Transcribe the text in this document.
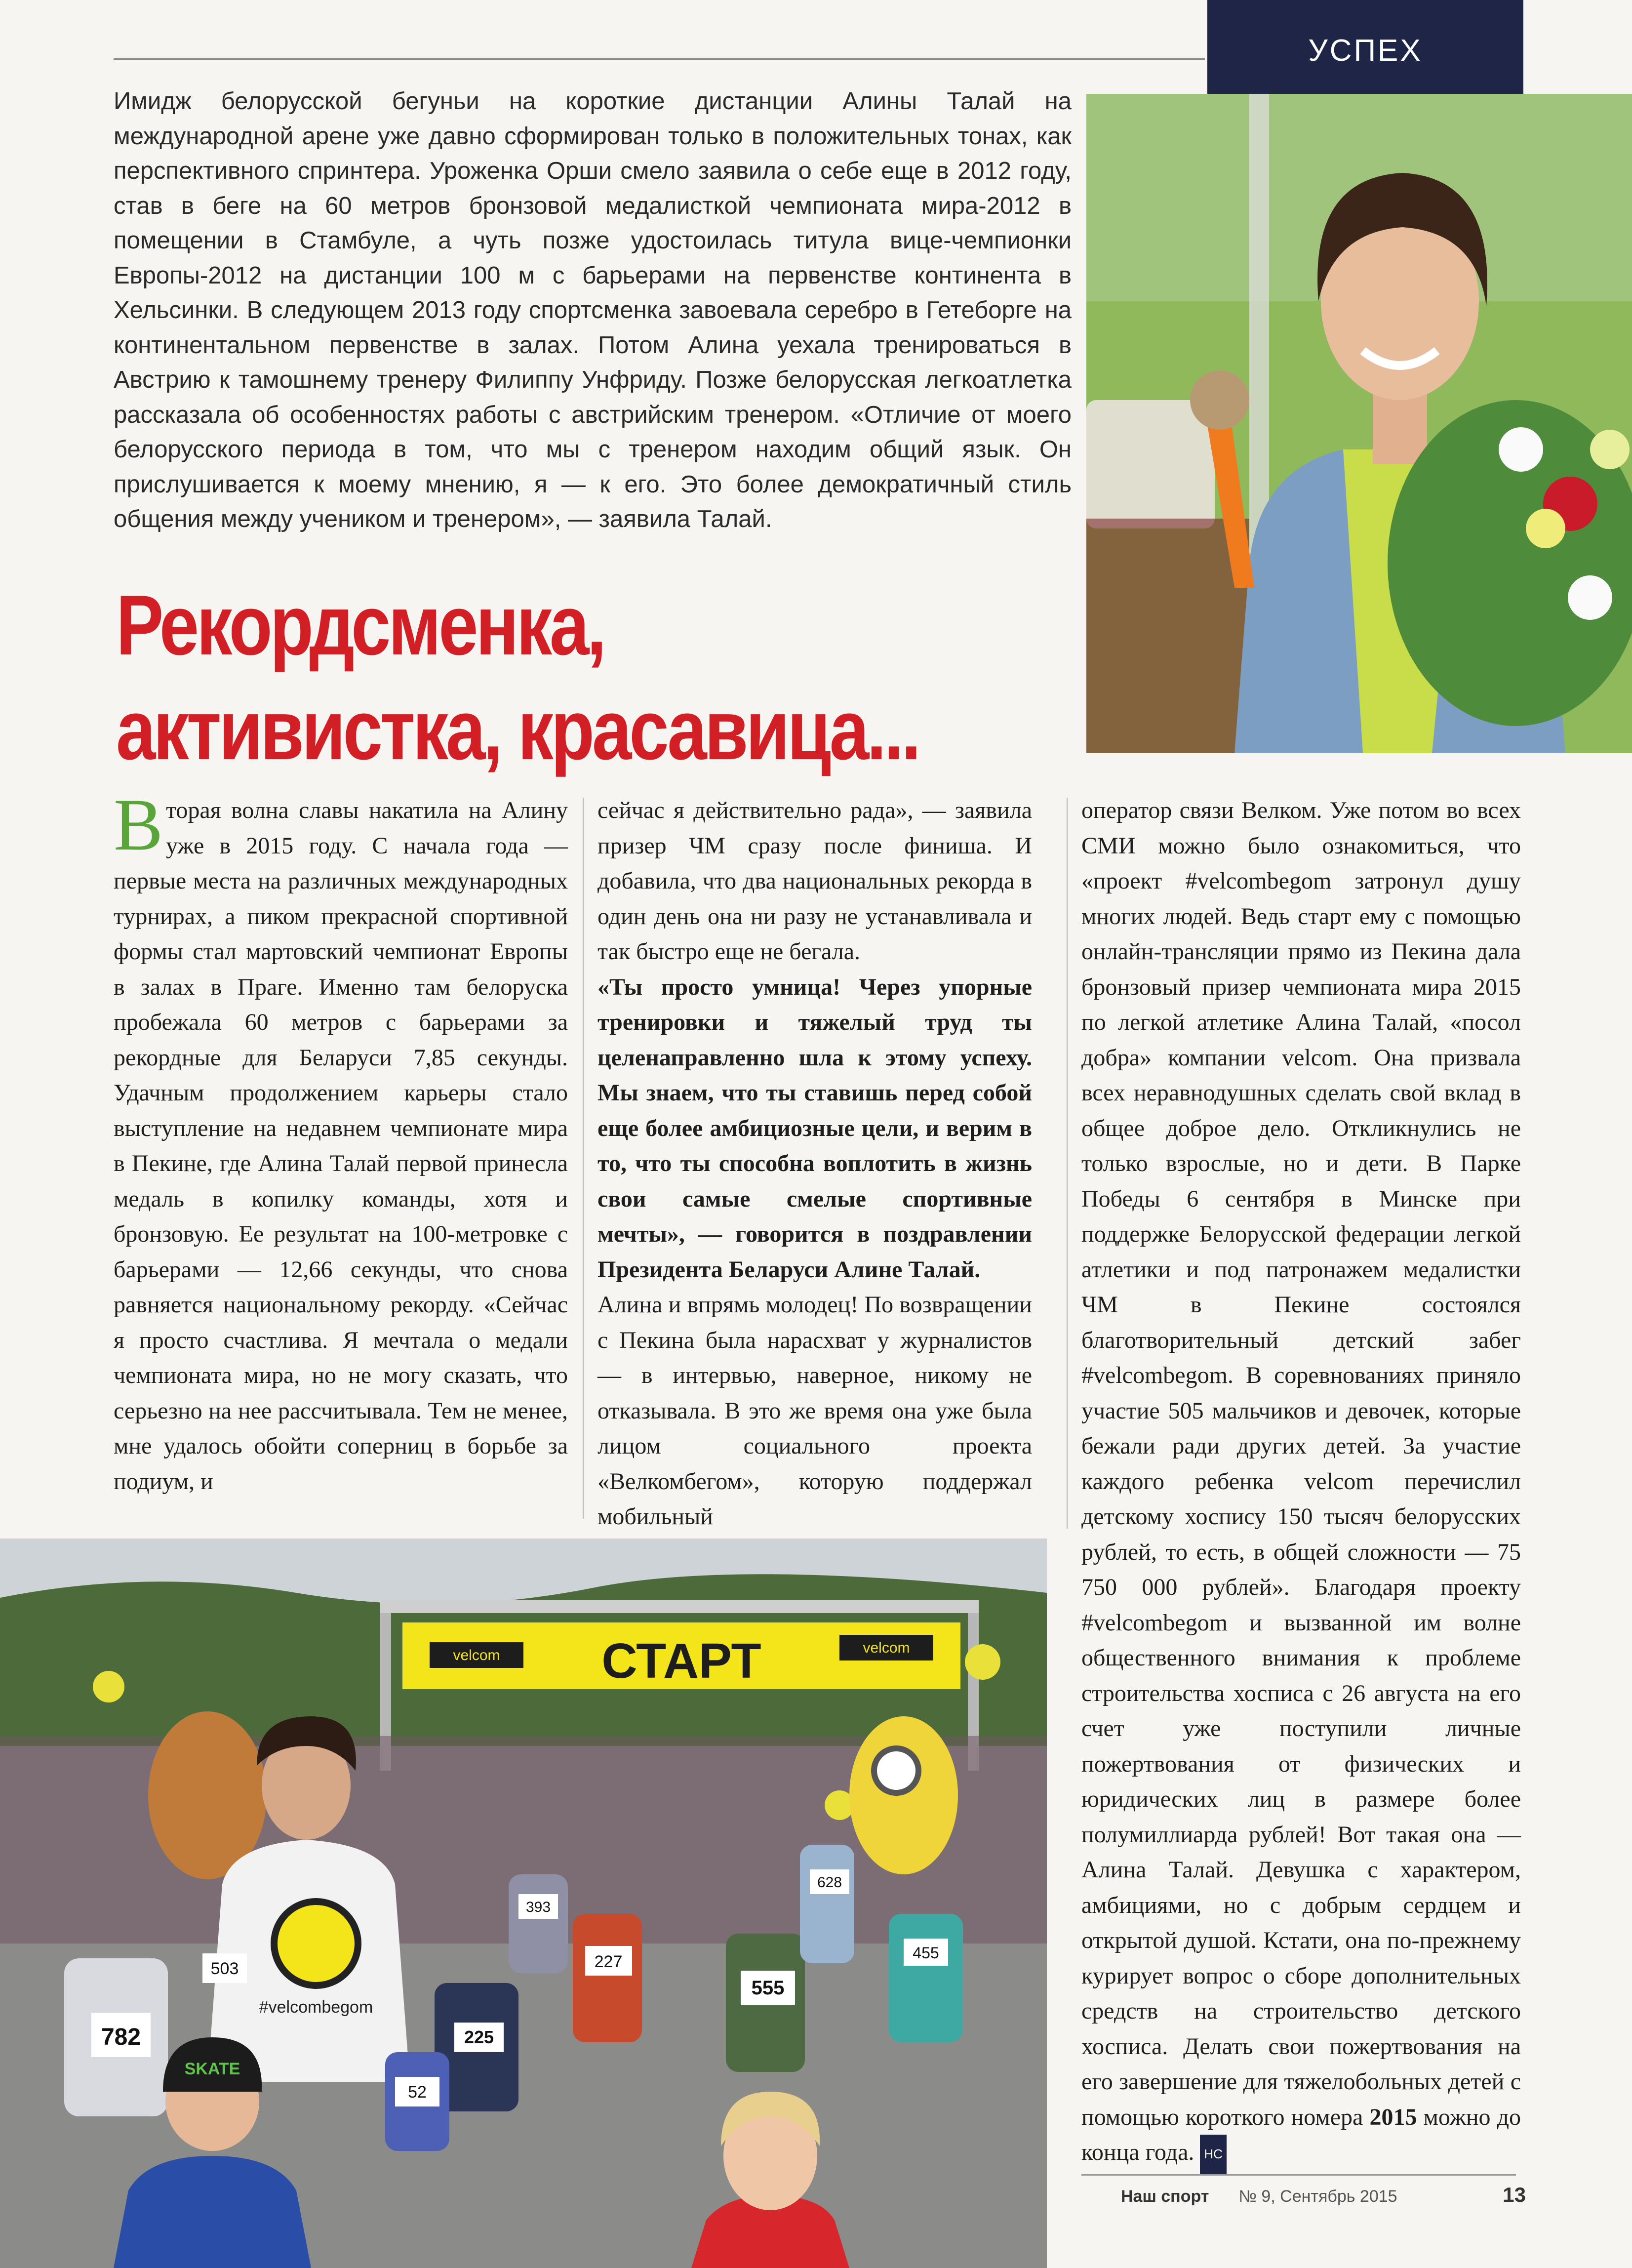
УСПЕХ
Имидж белорусской бегуньи на короткие дистанции Алины Талай на международной арене уже давно сформирован только в положительных тонах, как перспективного спринтера. Уроженка Орши смело заявила о себе еще в 2012 году, став в беге на 60 метров бронзовой медалисткой чемпионата мира-2012 в помещении в Стамбуле, а чуть позже удостоилась титула вице-чемпионки Европы-2012 на дистанции 100 м с барьерами на первенстве континента в Хельсинки. В следующем 2013 году спортсменка завоевала серебро в Гетеборге на континентальном первенстве в залах. Потом Алина уехала тренироваться в Австрию к тамошнему тренеру Филиппу Унфриду. Позже белорусская легкоатлетка рассказала об особенностях работы с австрийским тренером. «Отличие от моего белорусского периода в том, что мы с тренером находим общий язык. Он прислушивается к моему мнению, я — к его. Это более демократичный стиль общения между учеником и тренером», — заявила Талай.
Рекордсменка,
активистка, красавица...
Вторая волна славы накатила на Алину уже в 2015 году. С начала года — первые места на различных международных турнирах, а пиком прекрасной спортивной формы стал мартовский чемпионат Европы в залах в Праге. Именно там белоруска пробежала 60 метров с барьерами за рекордные для Беларуси 7,85 секунды. Удачным продолжением карьеры стало выступление на недавнем чемпионате мира в Пекине, где Алина Талай первой принесла медаль в копилку команды, хотя и бронзовую. Ее результат на 100-метровке с барьерами — 12,66 секунды, что снова равняется национальному рекорду. «Сейчас я просто счастлива. Я мечтала о медали чемпионата мира, но не могу сказать, что серьезно на нее рассчитывала. Тем не менее, мне удалось обойти соперниц в борьбе за подиум, и
сейчас я действительно рада», — заявила призер ЧМ сразу после финиша. И добавила, что два национальных рекорда в один день она ни разу не устанавливала и так быстро еще не бегала.
«Ты просто умница! Через упорные тренировки и тяжелый труд ты целенаправленно шла к этому успеху. Мы знаем, что ты ставишь перед собой еще более амбициозные цели, и верим в то, что ты способна воплотить в жизнь свои самые смелые спортивные мечты», — говорится в поздравлении Президента Беларуси Алине Талай.
Алина и впрямь молодец! По возвращении с Пекина была нарасхват у журналистов — в интервью, наверное, никому не отказывала. В это же время она уже была лицом социального проекта «Велкомбегом», которую поддержал мобильный
оператор связи Велком. Уже потом во всех СМИ можно было ознакомиться, что «проект #velcombegom затронул душу многих людей. Ведь старт ему с помощью онлайн-трансляции прямо из Пекина дала бронзовый призер чемпионата мира 2015 по легкой атлетике Алина Талай, «посол добра» компании velcom. Она призвала всех неравнодушных сделать свой вклад в общее доброе дело. Откликнулись не только взрослые, но и дети. В Парке Победы 6 сентября в Минске при поддержке Белорусской федерации легкой атлетики и под патронажем медалистки ЧМ в Пекине состоялся благотворительный детский забег #velcombegom. В соревнованиях приняло участие 505 мальчиков и девочек, которые бежали ради других детей. За участие каждого ребенка velcom перечислил детскому хоспису 150 тысяч белорусских рублей, то есть, в общей сложности — 75 750 000 рублей». Благодаря проекту #velcombegom и вызванной им волне общественного внимания к проблеме строительства хосписа с 26 августа на его счет уже поступили личные пожертвования от физических и юридических лиц в размере более полумиллиарда рублей! Вот такая она — Алина Талай. Девушка с характером, амбициями, но с добрым сердцем и открытой душой. Кстати, она по-прежнему курирует вопрос о сборе дополнительных средств на строительство детского хосписа. Делать свои пожертвования на его завершение для тяжелобольных детей с помощью короткого номера 2015 можно до конца года. НС
velcom	velcom
СТАРТ
#velcombegom
782
503	227
555
225
628
455
393
52
SKATE
Наш спорт № 9, Сентябрь 2015	13
